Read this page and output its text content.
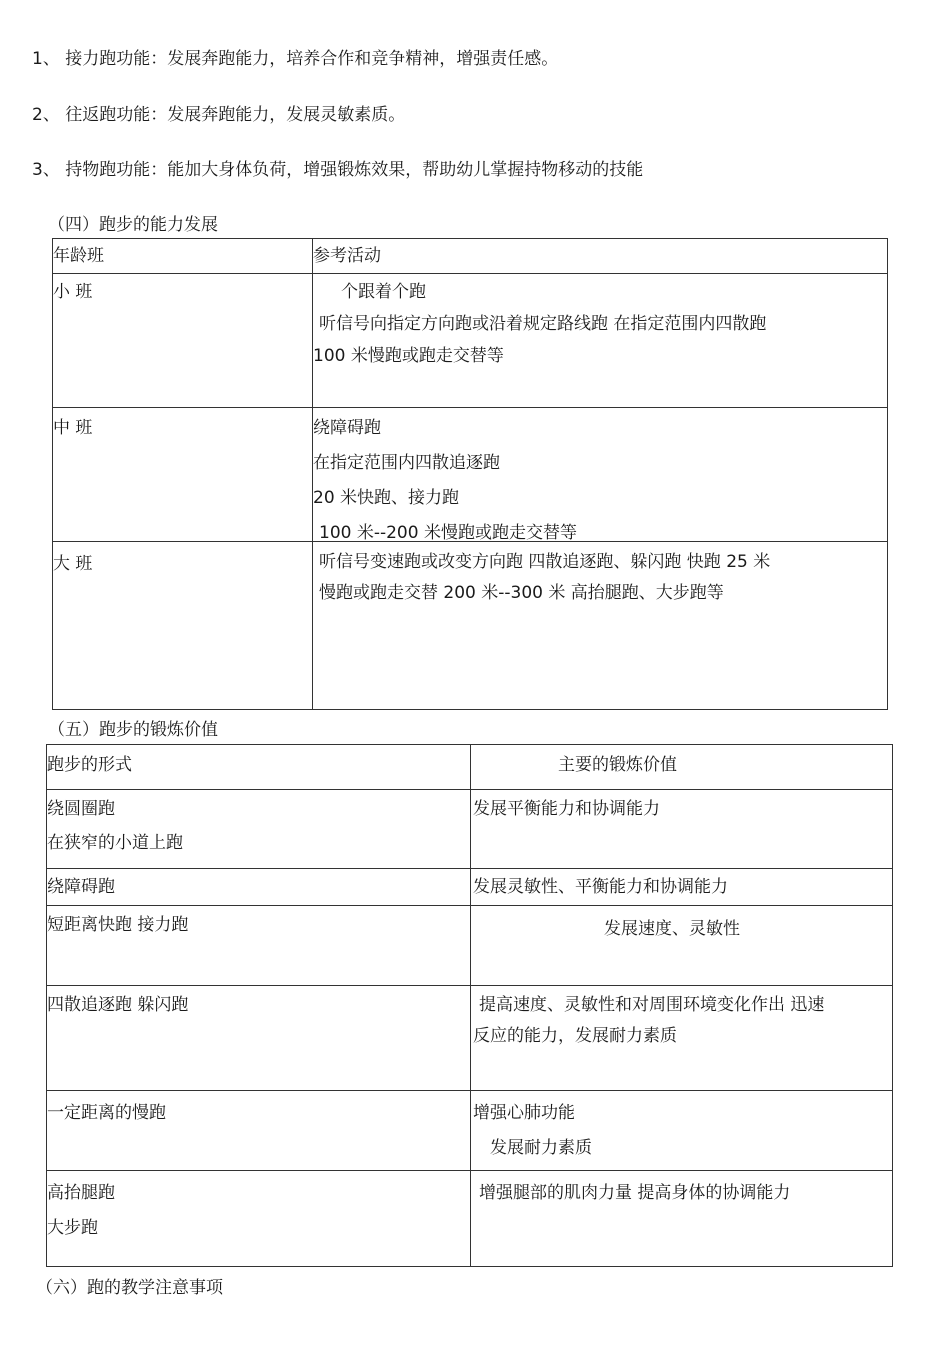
1、 接力跑功能：发展奔跑能力，培养合作和竞争精神，增强责任感。
2、 往返跑功能：发展奔跑能力，发展灵敏素质。
3、 持物跑功能：能加大身体负荷，增强锻炼效果，帮助幼儿掌握持物移动的技能
（四）跑步的能力发展
年龄班	参考活动

小 班	个跟着个跑
听信号向指定方向跑或沿着规定路线跑 在指定范围内四散跑
100 米慢跑或跑走交替等

中 班	绕障碍跑
在指定范围内四散追逐跑
20 米快跑、接力跑
100 米--200 米慢跑或跑走交替等

大 班	听信号变速跑或改变方向跑 四散追逐跑、躲闪跑 快跑 25 米
慢跑或跑走交替 200 米--300 米 高抬腿跑、大步跑等
（五）跑步的锻炼价值
跑步的形式	主要的锻炼价值

绕圆圈跑
在狭窄的小道上跑	发展平衡能力和协调能力

绕障碍跑	发展灵敏性、平衡能力和协调能力

短距离快跑 接力跑	发展速度、灵敏性

四散追逐跑 躲闪跑	提高速度、灵敏性和对周围环境变化作出 迅速
反应的能力，发展耐力素质

一定距离的慢跑	增强心肺功能
发展耐力素质

高抬腿跑
大步跑	增强腿部的肌肉力量 提高身体的协调能力
（六）跑的教学注意事项
